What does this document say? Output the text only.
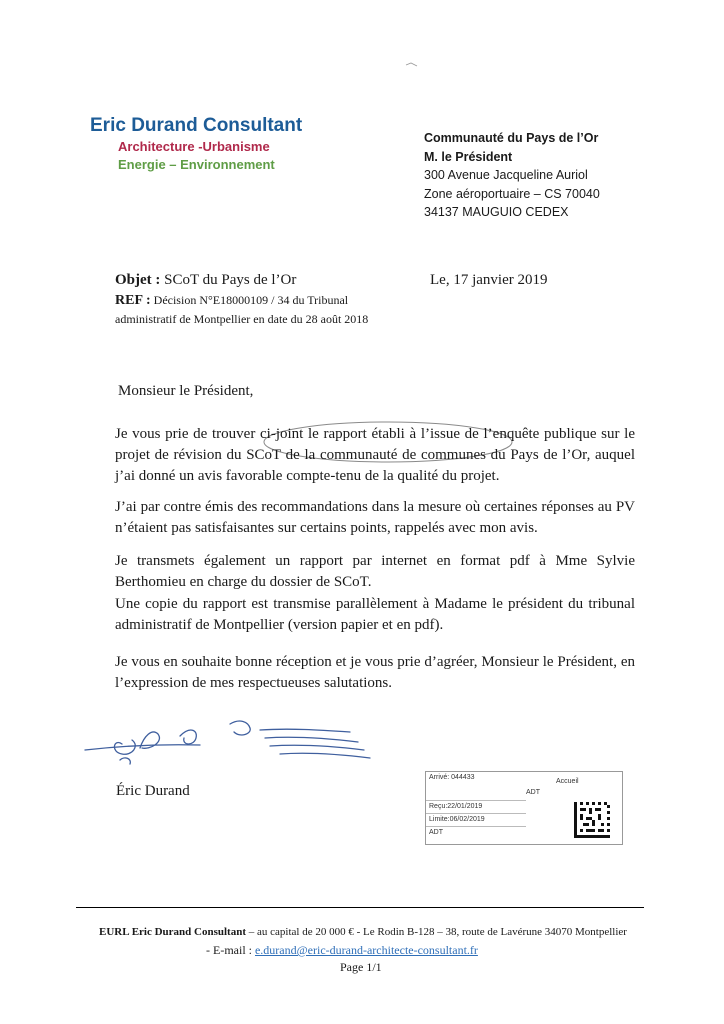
Eric Durand Consultant
Architecture -Urbanisme
Energie – Environnement
Communauté du Pays de l’Or
M. le Président
300 Avenue Jacqueline Auriol
Zone aéroportuaire – CS 70040
34137 MAUGUIO CEDEX
Objet : SCoT du Pays de l’Or
REF : Décision N°E18000109 / 34 du Tribunal
administratif de Montpellier en date du 28 août 2018
Le, 17 janvier 2019
Monsieur le Président,
Je vous prie de trouver ci-joint le rapport établi à l’issue de l’enquête publique sur le projet de révision du SCoT de la communauté de communes du Pays de l’Or, auquel j’ai donné un avis favorable compte-tenu de la qualité du projet.
J’ai par contre émis des recommandations dans la mesure où certaines réponses au PV n’étaient pas satisfaisantes sur certains points, rappelés avec mon avis.
Je transmets également un rapport par internet en format pdf à Mme Sylvie Berthomieu en charge du dossier de SCoT.
Une copie du rapport est transmise parallèlement à Madame le président du tribunal administratif de Montpellier (version papier et en pdf).
Je vous en souhaite bonne réception et je vous prie d’agréer, Monsieur le Président, en l’expression de mes respectueuses salutations.
Éric Durand
Arrivé: 044433
Accueil
ADT
Reçu:22/01/2019
Limite:06/02/2019
ADT
EURL Eric Durand Consultant – au capital de 20 000 € - Le Rodin B-128 – 38, route de Lavérune 34070 Montpellier
- E-mail : e.durand@eric-durand-architecte-consultant.fr
Page 1/1
